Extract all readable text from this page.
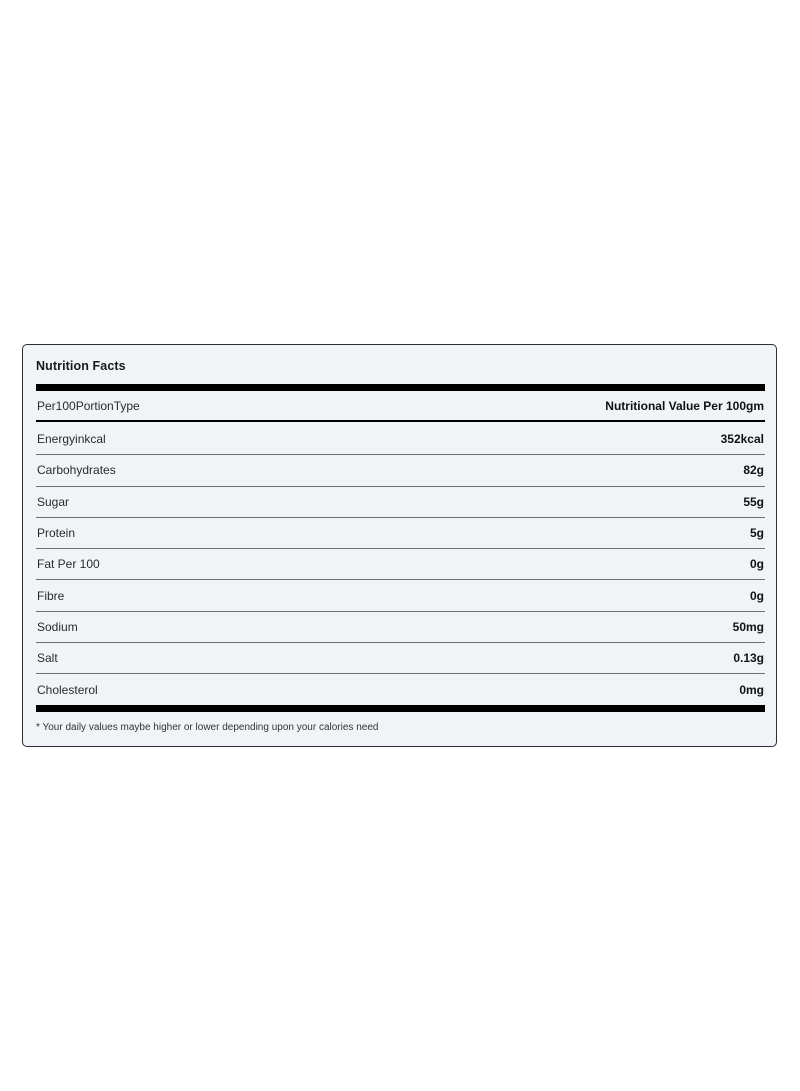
Nutrition Facts
Per100PortionType	Nutritional Value Per 100gm
Energyinkcal	352kcal
Carbohydrates	82g
Sugar	55g
Protein	5g
Fat Per 100	0g
Fibre	0g
Sodium	50mg
Salt	0.13g
Cholesterol	0mg
* Your daily values maybe higher or lower depending upon your calories need
